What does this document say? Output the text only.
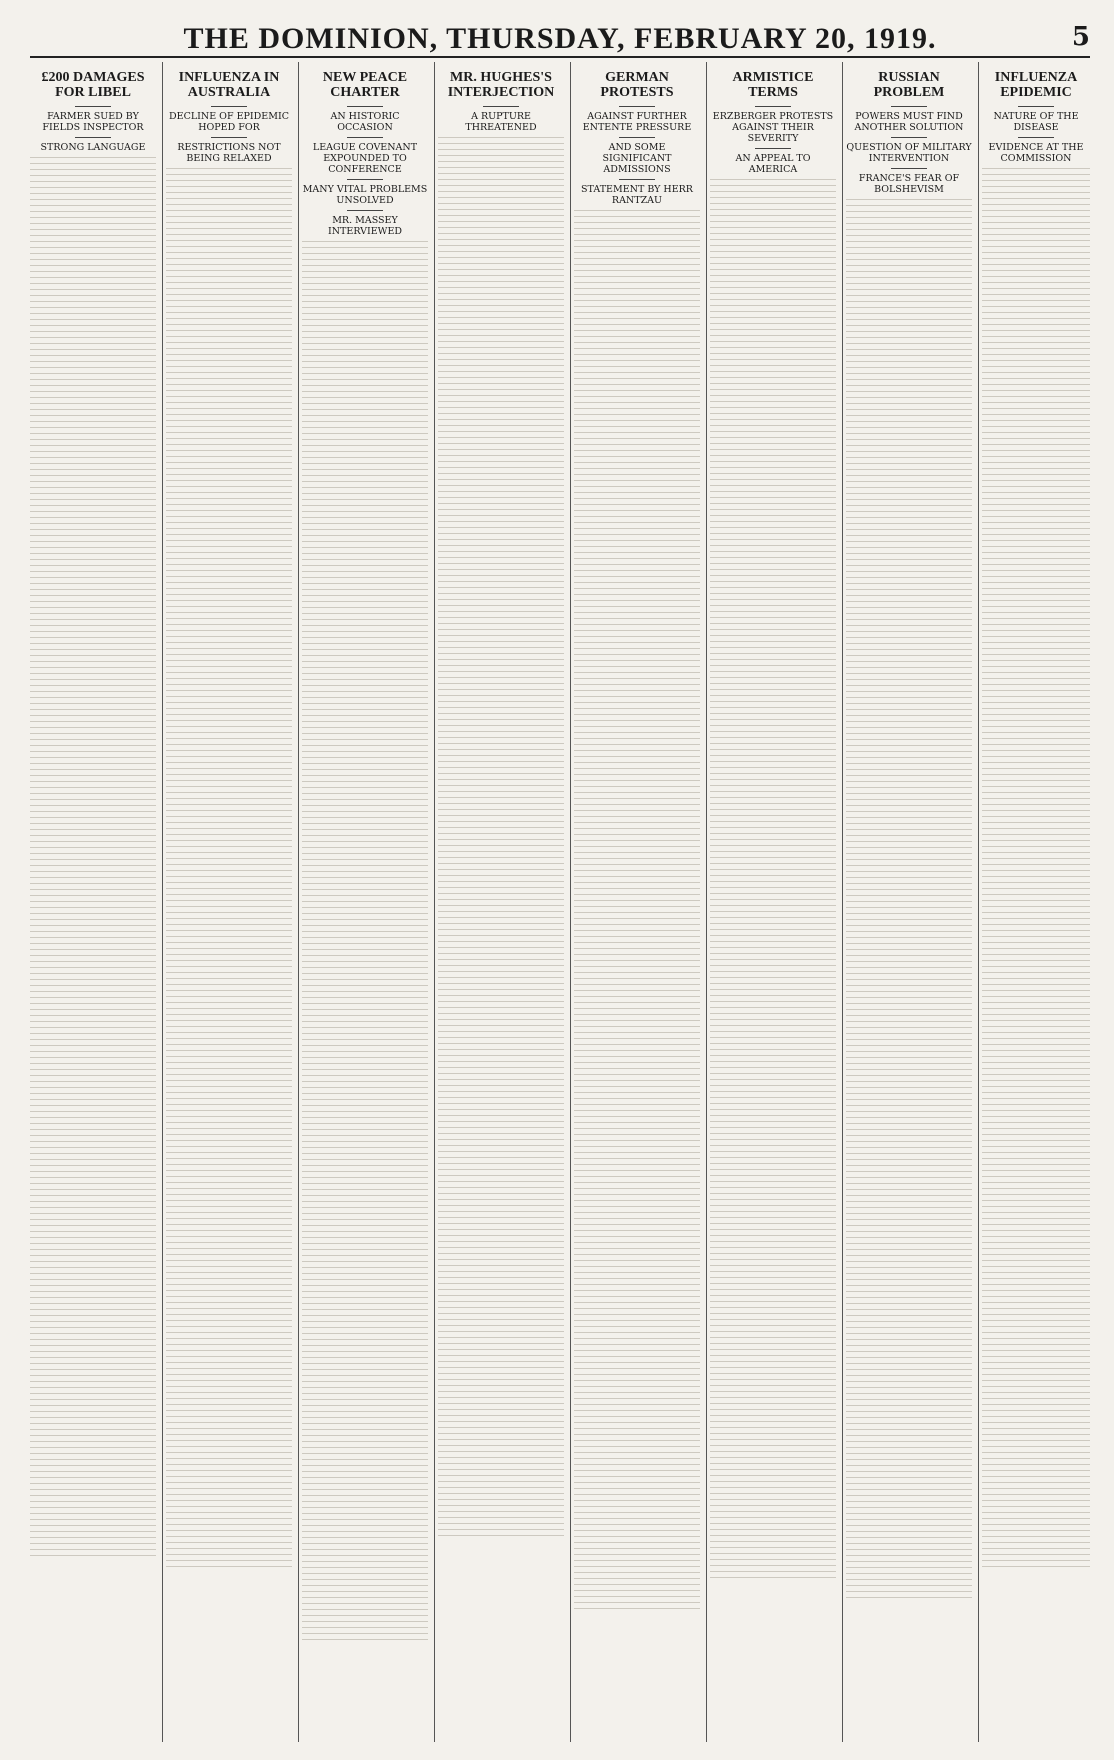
THE DOMINION, THURSDAY, FEBRUARY 20, 1919.	5
£200 DAMAGES FOR LIBEL
FARMER SUED BY FIELDS INSPECTOR
STRONG LANGUAGE
INFLUENZA IN AUSTRALIA
DECLINE OF EPIDEMIC HOPED FOR
RESTRICTIONS NOT BEING RELAXED
NEW PEACE CHARTER
AN HISTORIC OCCASION
LEAGUE COVENANT EXPOUNDED TO CONFERENCE
MANY VITAL PROBLEMS UNSOLVED
MR. MASSEY INTERVIEWED
MR. HUGHES'S INTERJECTION
A RUPTURE THREATENED
GERMAN PROTESTS
AGAINST FURTHER ENTENTE PRESSURE
AND SOME SIGNIFICANT ADMISSIONS
STATEMENT BY HERR RANTZAU
ARMISTICE TERMS
ERZBERGER PROTESTS AGAINST THEIR SEVERITY
AN APPEAL TO AMERICA
RUSSIAN PROBLEM
POWERS MUST FIND ANOTHER SOLUTION
QUESTION OF MILITARY INTERVENTION
FRANCE'S FEAR OF BOLSHEVISM
INFLUENZA EPIDEMIC
NATURE OF THE DISEASE
EVIDENCE AT THE COMMISSION
